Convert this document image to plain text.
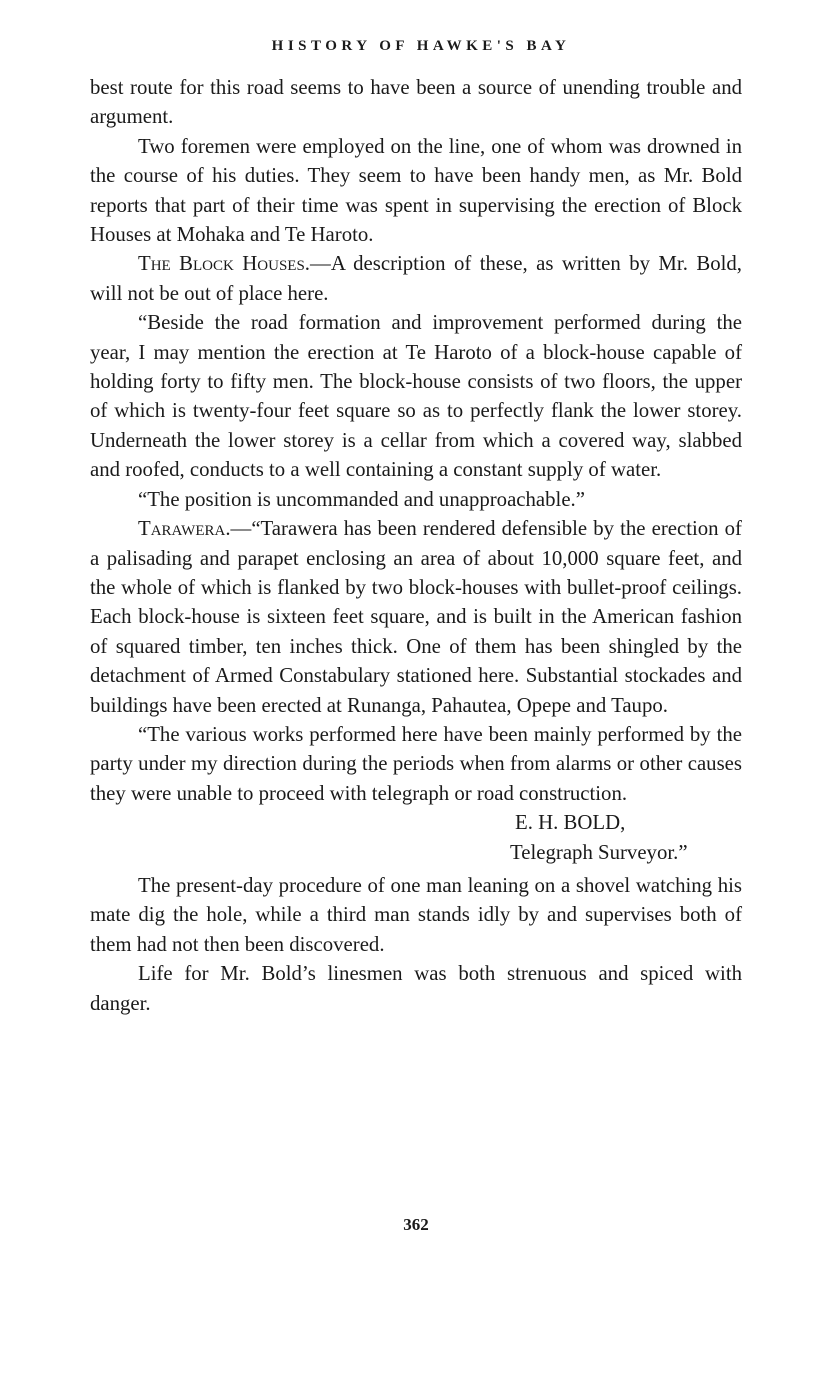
HISTORY OF HAWKE'S BAY

best route for this road seems to have been a source of unending trouble and argument.

Two foremen were employed on the line, one of whom was drowned in the course of his duties. They seem to have been handy men, as Mr. Bold reports that part of their time was spent in supervising the erection of Block Houses at Mohaka and Te Haroto.

The Block Houses.—A description of these, as written by Mr. Bold, will not be out of place here.

“Beside the road formation and improvement performed during the year, I may mention the erection at Te Haroto of a block-house capable of holding forty to fifty men. The block-house consists of two floors, the upper of which is twenty-four feet square so as to perfectly flank the lower storey. Underneath the lower storey is a cellar from which a covered way, slabbed and roofed, conducts to a well containing a constant supply of water.

“The position is uncommanded and unapproachable.”

Tarawera.—“Tarawera has been rendered defensible by the erection of a palisading and parapet enclosing an area of about 10,000 square feet, and the whole of which is flanked by two block-houses with bullet-proof ceilings. Each block-house is sixteen feet square, and is built in the American fashion of squared timber, ten inches thick. One of them has been shingled by the detachment of Armed Constabulary stationed here. Substantial stockades and buildings have been erected at Runanga, Pahautea, Opepe and Taupo.

“The various works performed here have been mainly performed by the party under my direction during the periods when from alarms or other causes they were unable to proceed with telegraph or road construction.

E. H. BOLD,

Telegraph Surveyor.”

The present-day procedure of one man leaning on a shovel watching his mate dig the hole, while a third man stands idly by and supervises both of them had not then been discovered.

Life for Mr. Bold’s linesmen was both strenuous and spiced with danger.

362
